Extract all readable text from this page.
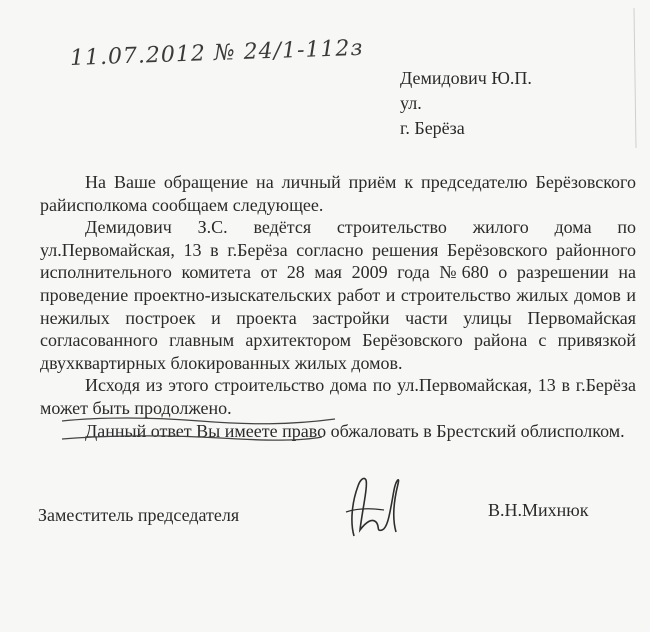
11.07.2012 № 24/1-112з
Демидович Ю.П.
ул.
г. Берёза

На Ваше обращение на личный приём к председателю Берёзовского райисполкома сообщаем следующее.

Демидович З.С. ведётся строительство жилого дома по ул.Первомайская, 13 в г.Берёза согласно решения Берёзовского районного исполнительного комитета от 28 мая 2009 года №680 о разрешении на проведение проектно-изыскательских работ и строительство жилых домов и нежилых построек и проекта застройки части улицы Первомайская согласованного главным архитектором Берёзовского района с привязкой двухквартирных блокированных жилых домов.

Исходя из этого строительство дома по ул.Первомайская, 13 в г.Берёза может быть продолжено.

Данный ответ Вы имеете право обжаловать в Брестский облисполком.

Заместитель председателя	В.Н.Михнюк
